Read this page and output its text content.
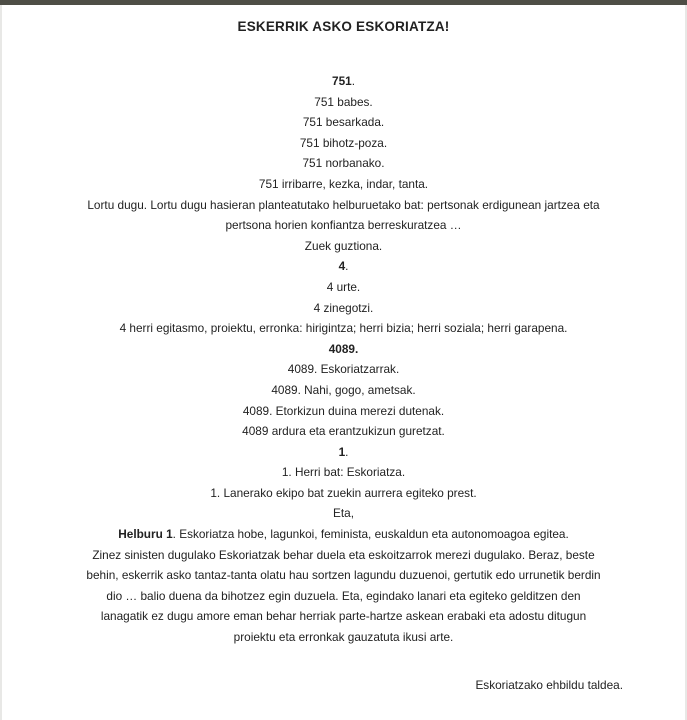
ESKERRIK ASKO ESKORIATZA!
751.
751 babes.
751 besarkada.
751 bihotz-poza.
751 norbanako.
751 irribarre, kezka, indar, tanta.
Lortu dugu. Lortu dugu hasieran planteatutako helburuetako bat: pertsonak erdigunean jartzea eta
pertsona horien konfiantza berreskuratzea …
Zuek guztiona.
4.
4 urte.
4 zinegotzi.
4 herri egitasmo, proiektu, erronka: hirigintza; herri bizia; herri soziala; herri garapena.
4089.
4089. Eskoriatzarrak.
4089. Nahi, gogo, ametsak.
4089. Etorkizun duina merezi dutenak.
4089 ardura eta erantzukizun guretzat.
1.
1. Herri bat: Eskoriatza.
1. Lanerako ekipo bat zuekin aurrera egiteko prest.
Eta,
Helburu 1. Eskoriatza hobe, lagunkoi, feminista, euskaldun eta autonomoagoa egitea.
Zinez sinisten dugulako Eskoriatzak behar duela eta eskoitzarrok merezi dugulako. Beraz, beste
behin, eskerrik asko tantaz-tanta olatu hau sortzen lagundu duzuenoi, gertutik edo urrunetik berdin
dio … balio duena da bihotzez egin duzuela. Eta, egindako lanari eta egiteko gelditzen den
lanagatik ez dugu amore eman behar herriak parte-hartze askean erabaki eta adostu ditugun
proiektu eta erronkak gauzatuta ikusi arte.
Eskoriatzako ehbildu taldea.
